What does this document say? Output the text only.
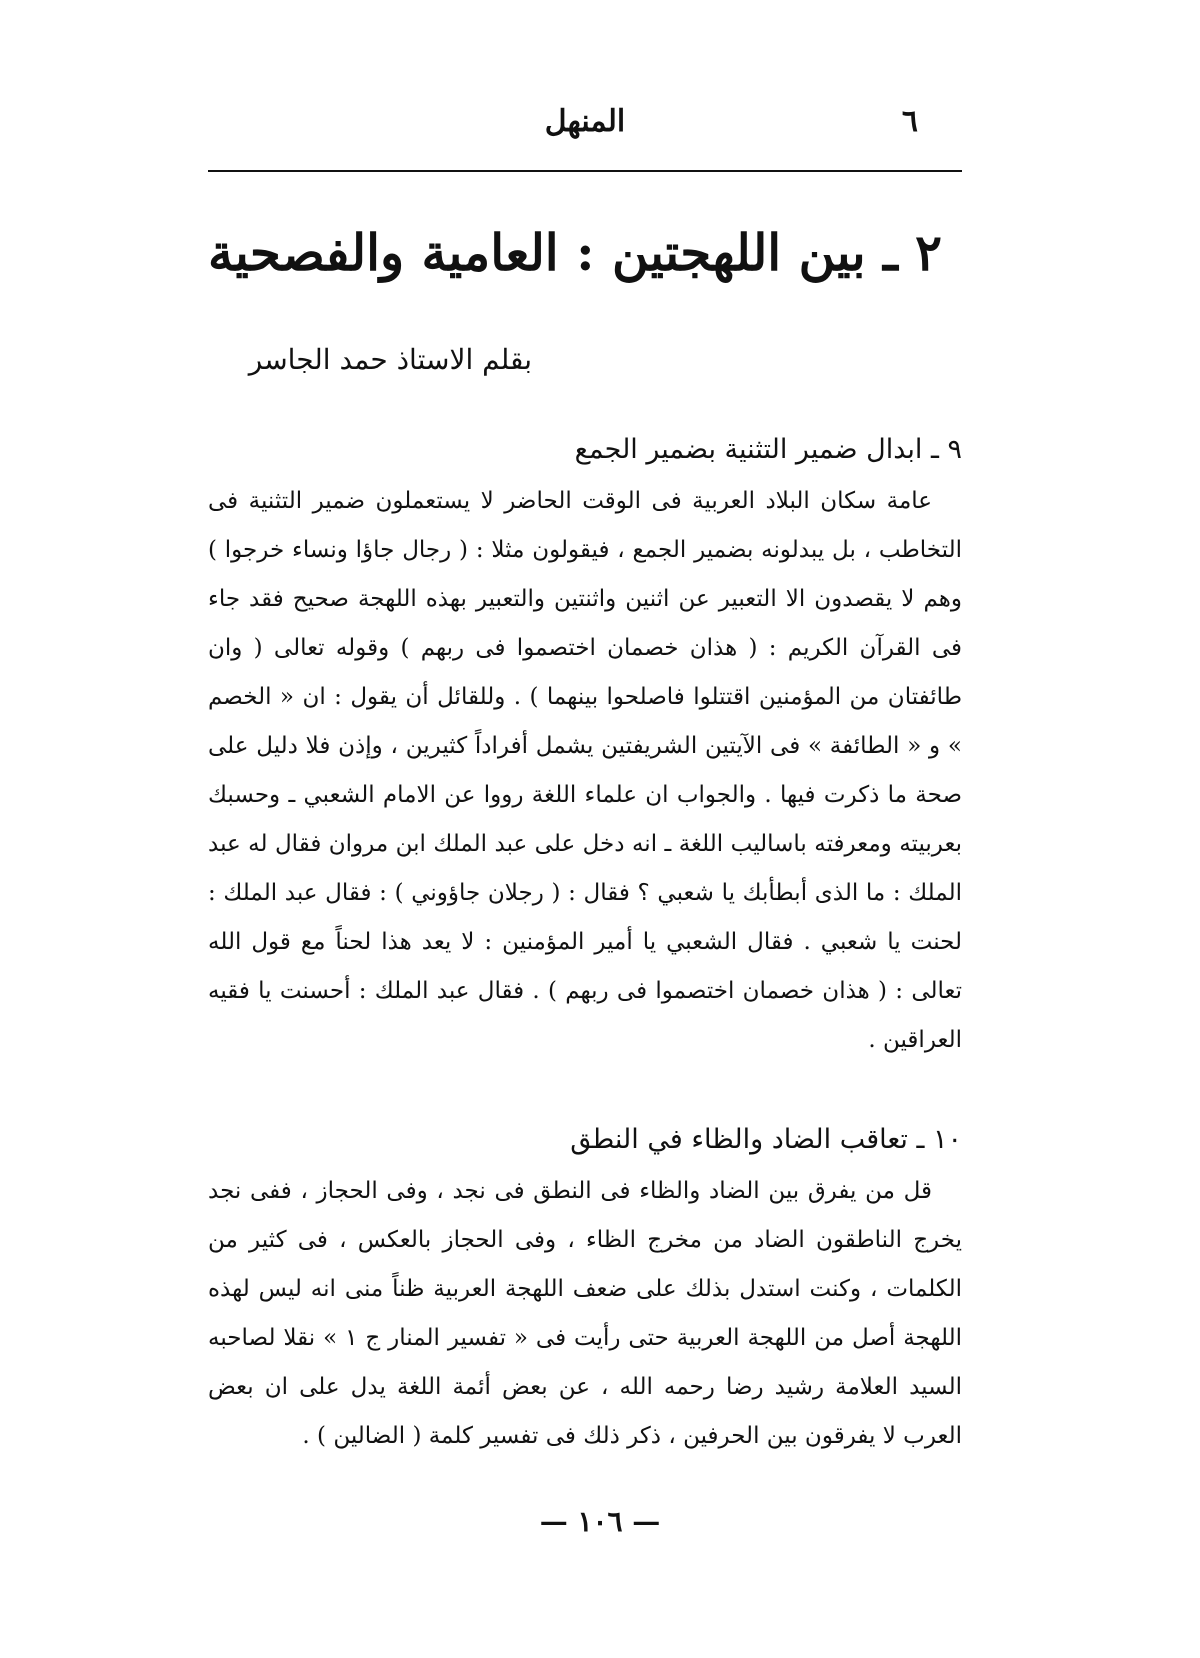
٦
المنهل
٢ ـ بين اللهجتين : العامية والفصحية
بقلم الاستاذ حمد الجاسر
٩ ـ ابدال ضمير التثنية بضمير الجمع

عامة سكان البلاد العربية فى الوقت الحاضر لا يستعملون ضمير التثنية فى التخاطب ، بل يبدلونه بضمير الجمع ، فيقولون مثلا : ( رجال جاؤا ونساء خرجوا ) وهم لا يقصدون الا التعبير عن اثنين واثنتين والتعبير بهذه اللهجة صحيح فقد جاء فى القرآن الكريم : ( هذان خصمان اختصموا فى ربهم ) وقوله تعالى ( وان طائفتان من المؤمنين اقتتلوا فاصلحوا بينهما ) . وللقائل أن يقول : ان « الخصم » و « الطائفة » فى الآيتين الشريفتين يشمل أفراداً كثيرين ، وإذن فلا دليل على صحة ما ذكرت فيها . والجواب ان علماء اللغة رووا عن الامام الشعبي ـ وحسبك بعربيته ومعرفته باساليب اللغة ـ انه دخل على عبد الملك ابن مروان فقال له عبد الملك : ما الذى أبطأبك يا شعبي ؟ فقال : ( رجلان جاؤوني ) : فقال عبد الملك : لحنت يا شعبي . فقال الشعبي يا أمير المؤمنين : لا يعد هذا لحناً مع قول الله تعالى : ( هذان خصمان اختصموا فى ربهم ) . فقال عبد الملك : أحسنت يا فقيه العراقين .

١٠ ـ تعاقب الضاد والظاء في النطق

قل من يفرق بين الضاد والظاء فى النطق فى نجد ، وفى الحجاز ، ففى نجد يخرج الناطقون الضاد من مخرج الظاء ، وفى الحجاز بالعكس ، فى كثير من الكلمات ، وكنت استدل بذلك على ضعف اللهجة العربية ظناً منى انه ليس لهذه اللهجة أصل من اللهجة العربية حتى رأيت فى « تفسير المنار ج ١ » نقلا لصاحبه السيد العلامة رشيد رضا رحمه الله ، عن بعض أئمة اللغة يدل على ان بعض العرب لا يفرقون بين الحرفين ، ذكر ذلك فى تفسير كلمة ( الضالين ) .

— ١٠٦ —
